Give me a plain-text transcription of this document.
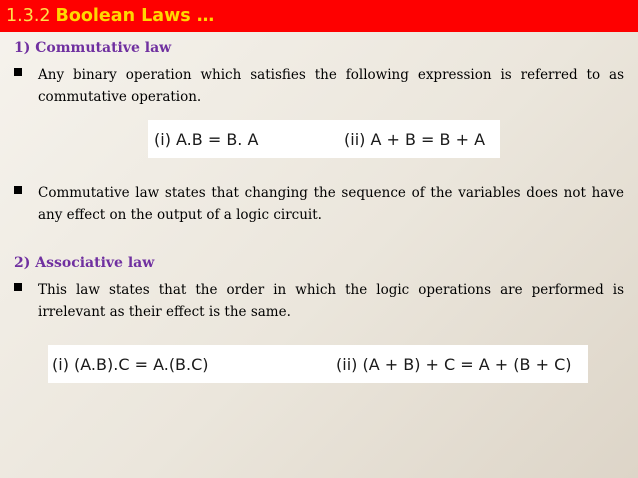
1.3.2 Boolean Laws …
1) Commutative law
Any binary operation which satisfies the following expression is referred to as commutative operation.
(i) A.B = B. A	(ii) A + B = B + A
Commutative law states that changing the sequence of the variables does not have any effect on the output of a logic circuit.
2) Associative law
This law states that the order in which the logic operations are performed is irrelevant as their effect is the same.
(i) (A.B).C = A.(B.C)	(ii) (A + B) + C = A + (B + C)
